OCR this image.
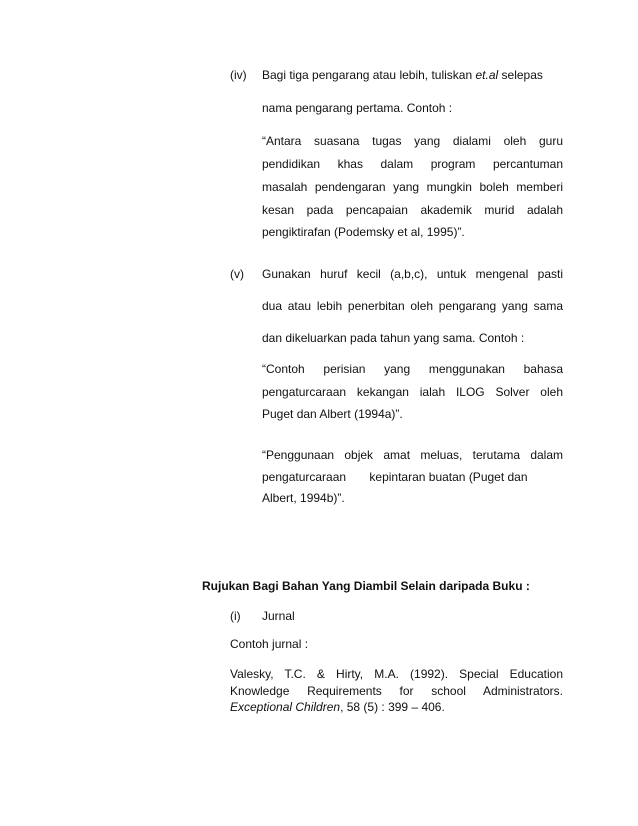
(iv) Bagi tiga pengarang atau lebih, tuliskan et.al selepas
nama pengarang pertama. Contoh :
“Antara suasana tugas yang dialami oleh guru
pendidikan khas dalam program percantuman
masalah pendengaran yang mungkin boleh memberi
kesan pada pencapaian akademik murid adalah
pengiktirafan (Podemsky et al, 1995)”.
(v) Gunakan huruf kecil (a,b,c), untuk mengenal pasti
dua atau lebih penerbitan oleh pengarang yang sama
dan dikeluarkan pada tahun yang sama. Contoh :
“Contoh perisian yang menggunakan bahasa
pengaturcaraan kekangan ialah ILOG Solver oleh
Puget dan Albert (1994a)”.
“Penggunaan objek amat meluas, terutama dalam
pengaturcaraan       kepintaran buatan (Puget dan
Albert, 1994b)”.
Rujukan Bagi Bahan Yang Diambil Selain daripada Buku :
(i) Jurnal
Contoh jurnal :
Valesky, T.C. & Hirty, M.A. (1992). Special Education
Knowledge Requirements for school Administrators.
Exceptional Children, 58 (5) : 399 – 406.
